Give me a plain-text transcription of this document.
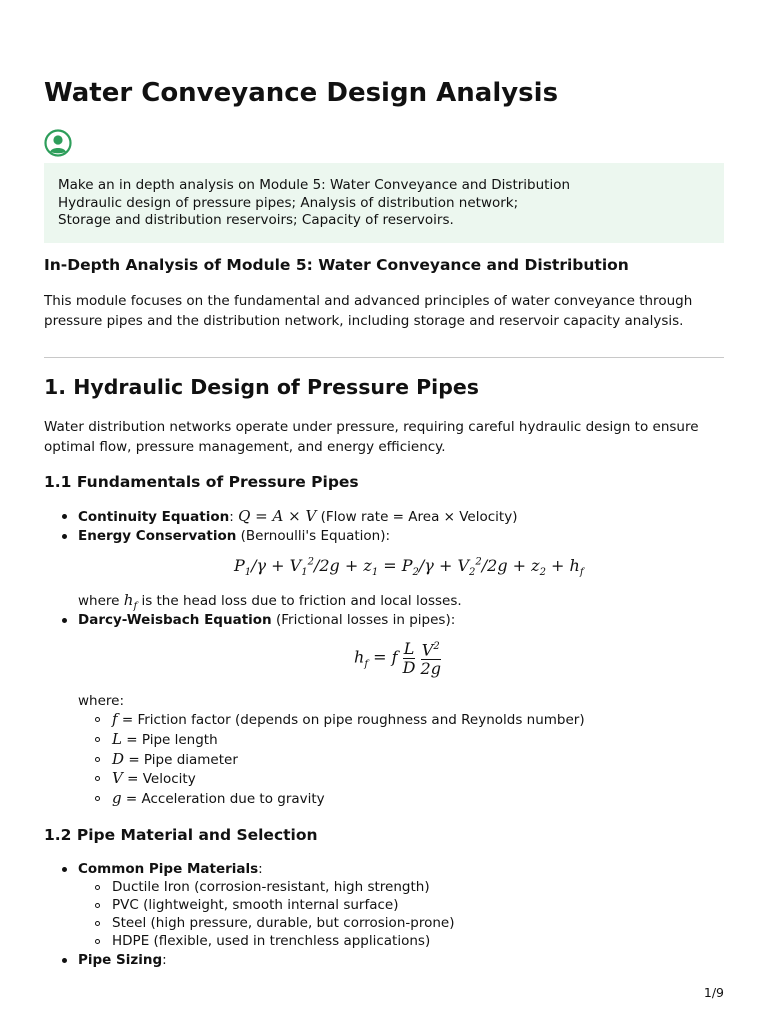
Water Conveyance Design Analysis
Make an in depth analysis on Module 5: Water Conveyance and Distribution
Hydraulic design of pressure pipes; Analysis of distribution network;
Storage and distribution reservoirs; Capacity of reservoirs.
In-Depth Analysis of Module 5: Water Conveyance and Distribution

This module focuses on the fundamental and advanced principles of water conveyance through pressure pipes and the distribution network, including storage and reservoir capacity analysis.

1. Hydraulic Design of Pressure Pipes

Water distribution networks operate under pressure, requiring careful hydraulic design to ensure optimal flow, pressure management, and energy efficiency.

1.1 Fundamentals of Pressure Pipes
Continuity Equation: Q = A × V (Flow rate = Area × Velocity)
Energy Conservation (Bernoulli's Equation):
$P_1/\gamma + V_1^2/2g + z_1 = P_2/\gamma + V_2^2/2g + z_2 + h_f$
where $h_f$ is the head loss due to friction and local losses.
Darcy-Weisbach Equation (Frictional losses in pipes):
$h_f = f \frac{L}{D}$
$\frac{V^2}{2g}$
where:
f = Friction factor (depends on pipe roughness and Reynolds number)
L = Pipe length
D = Pipe diameter
V = Velocity
g = Acceleration due to gravity
1.2 Pipe Material and Selection
Common Pipe Materials:
Ductile Iron (corrosion-resistant, high strength)
PVC (lightweight, smooth internal surface)
Steel (high pressure, durable, but corrosion-prone)
HDPE (flexible, used in trenchless applications)
Pipe Sizing:
1/9
